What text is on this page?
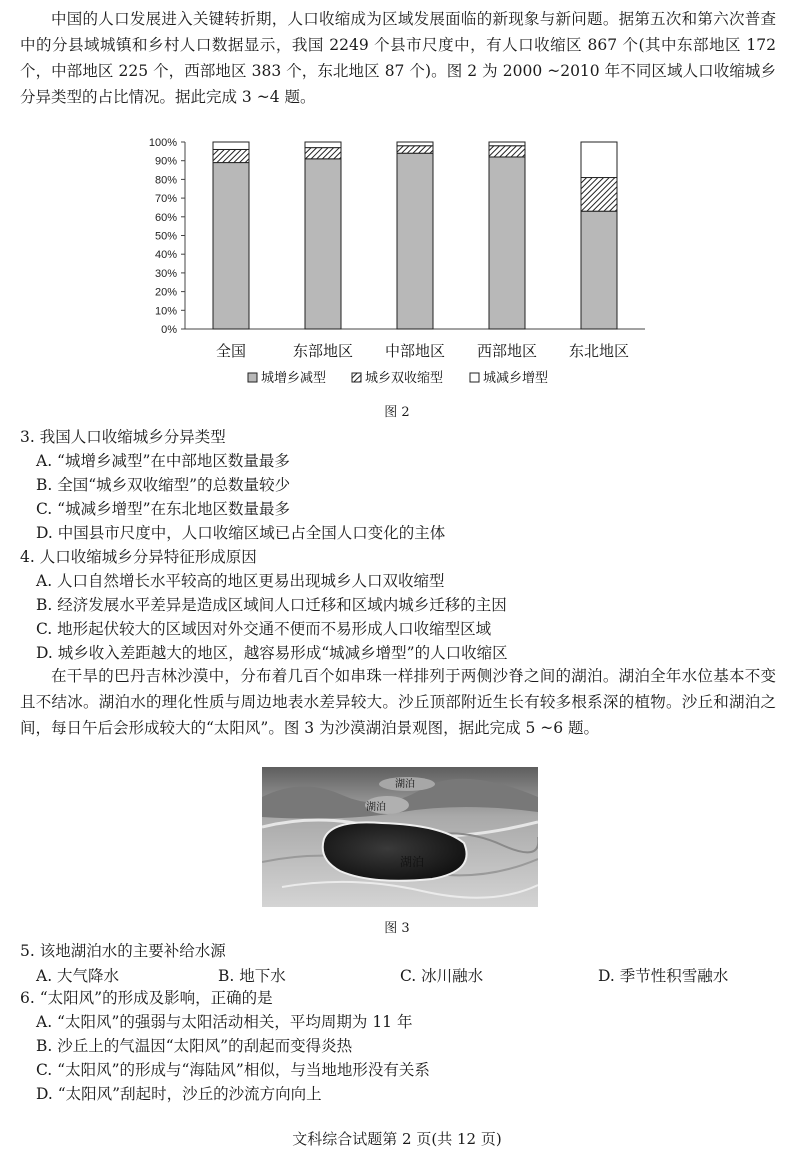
中国的人口发展进入关键转折期，人口收缩成为区域发展面临的新现象与新问题。据第五次和第六次普查中的分县域城镇和乡村人口数据显示，我国 2249 个县市尺度中，有人口收缩区 867 个(其中东部地区 172 个，中部地区 225 个，西部地区 383 个，东北地区 87 个)。图 2 为 2000 ~2010 年不同区域人口收缩城乡分异类型的占比情况。据此完成 3 ~4 题。

0%
10%
20%
30%
40%
50%
60%
70%
80%
90%
100%
全国	东部地区 中部地区 西部地区 东北地区
城增乡减型	城乡双收缩型	城减乡增型
图 2

3. 我国人口收缩城乡分异类型

A. “城增乡减型”在中部地区数量最多

B. 全国“城乡双收缩型”的总数量较少

C. “城减乡增型”在东北地区数量最多

D. 中国县市尺度中，人口收缩区域已占全国人口变化的主体

4. 人口收缩城乡分异特征形成原因

A. 人口自然增长水平较高的地区更易出现城乡人口双收缩型

B. 经济发展水平差异是造成区域间人口迁移和区域内城乡迁移的主因

C. 地形起伏较大的区域因对外交通不便而不易形成人口收缩型区域

D. 城乡收入差距越大的地区，越容易形成“城减乡增型”的人口收缩区

在干旱的巴丹吉林沙漠中，分布着几百个如串珠一样排列于两侧沙脊之间的湖泊。湖泊全年水位基本不变且不结冰。湖泊水的理化性质与周边地表水差异较大。沙丘顶部附近生长有较多根系深的植物。沙丘和湖泊之间，每日午后会形成较大的“太阳风”。图 3 为沙漠湖泊景观图，据此完成 5 ~6 题。

湖泊
湖泊
湖泊
图 3

5. 该地湖泊水的主要补给水源

A. 大气降水	B. 地下水	C. 冰川融水	D. 季节性积雪融水

6. “太阳风”的形成及影响，正确的是

A. “太阳风”的强弱与太阳活动相关，平均周期为 11 年

B. 沙丘上的气温因“太阳风”的刮起而变得炎热

C. “太阳风”的形成与“海陆风”相似，与当地地形没有关系

D. “太阳风”刮起时，沙丘的沙流方向向上

文科综合试题第 2 页(共 12 页)
